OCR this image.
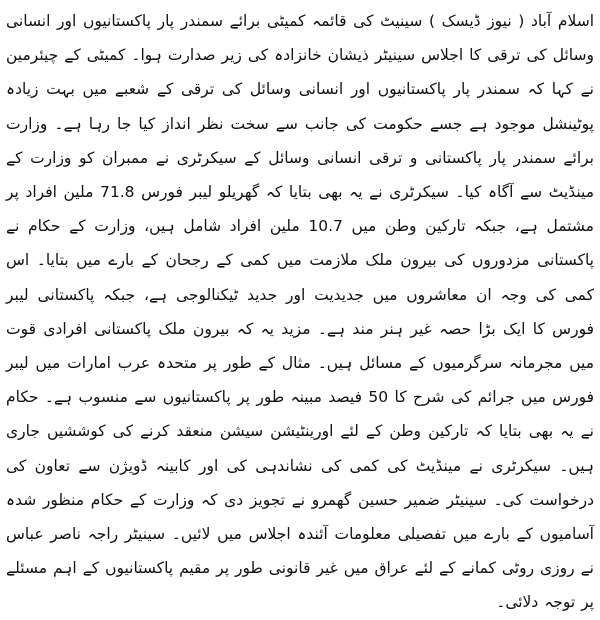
اسلام آباد ( نیوز ڈیسک ) سینیٹ کی قائمہ کمیٹی برائے سمندر پار پاکستانیوں اور انسانی وسائل کی ترقی کا اجلاس سینیٹر ذیشان خانزادہ کی زیر صدارت ہوا۔ کمیٹی کے چیئرمین نے کہا کہ سمندر پار پاکستانیوں اور انسانی وسائل کی ترقی کے شعبے میں بہت زیادہ پوٹینشل موجود ہے جسے حکومت کی جانب سے سخت نظر انداز کیا جا رہا ہے۔ وزارت برائے سمندر پار پاکستانی و ترقی انسانی وسائل کے سیکرٹری نے ممبران کو وزارت کے مینڈیٹ سے آگاہ کیا۔ سیکرٹری نے یہ بھی بتایا کہ گھریلو لیبر فورس 71.8 ملین افراد پر مشتمل ہے، جبکہ تارکین وطن میں 10.7 ملین افراد شامل ہیں، وزارت کے حکام نے پاکستانی مزدوروں کی بیرون ملک ملازمت میں کمی کے رجحان کے بارے میں بتایا۔ اس کمی کی وجہ ان معاشروں میں جدیدیت اور جدید ٹیکنالوجی ہے، جبکہ پاکستانی لیبر فورس کا ایک بڑا حصہ غیر ہنر مند ہے۔ مزید یہ کہ بیرون ملک پاکستانی افرادی قوت میں مجرمانہ سرگرمیوں کے مسائل ہیں۔ مثال کے طور پر متحدہ عرب امارات میں لیبر فورس میں جرائم کی شرح کا 50 فیصد مبینہ طور پر پاکستانیوں سے منسوب ہے۔ حکام نے یہ بھی بتایا کہ تارکین وطن کے لئے اورینٹیشن سیشن منعقد کرنے کی کوششیں جاری ہیں۔ سیکرٹری نے مینڈیٹ کی کمی کی نشاندہی کی اور کابینہ ڈویژن سے تعاون کی درخواست کی۔ سینیٹر ضمیر حسین گھمرو نے تجویز دی کہ وزارت کے حکام منظور شدہ آسامیوں کے بارے میں تفصیلی معلومات آئندہ اجلاس میں لائیں۔ سینیٹر راجہ ناصر عباس نے روزی روٹی کمانے کے لئے عراق میں غیر قانونی طور پر مقیم پاکستانیوں کے اہم مسئلے پر توجہ دلائی۔
